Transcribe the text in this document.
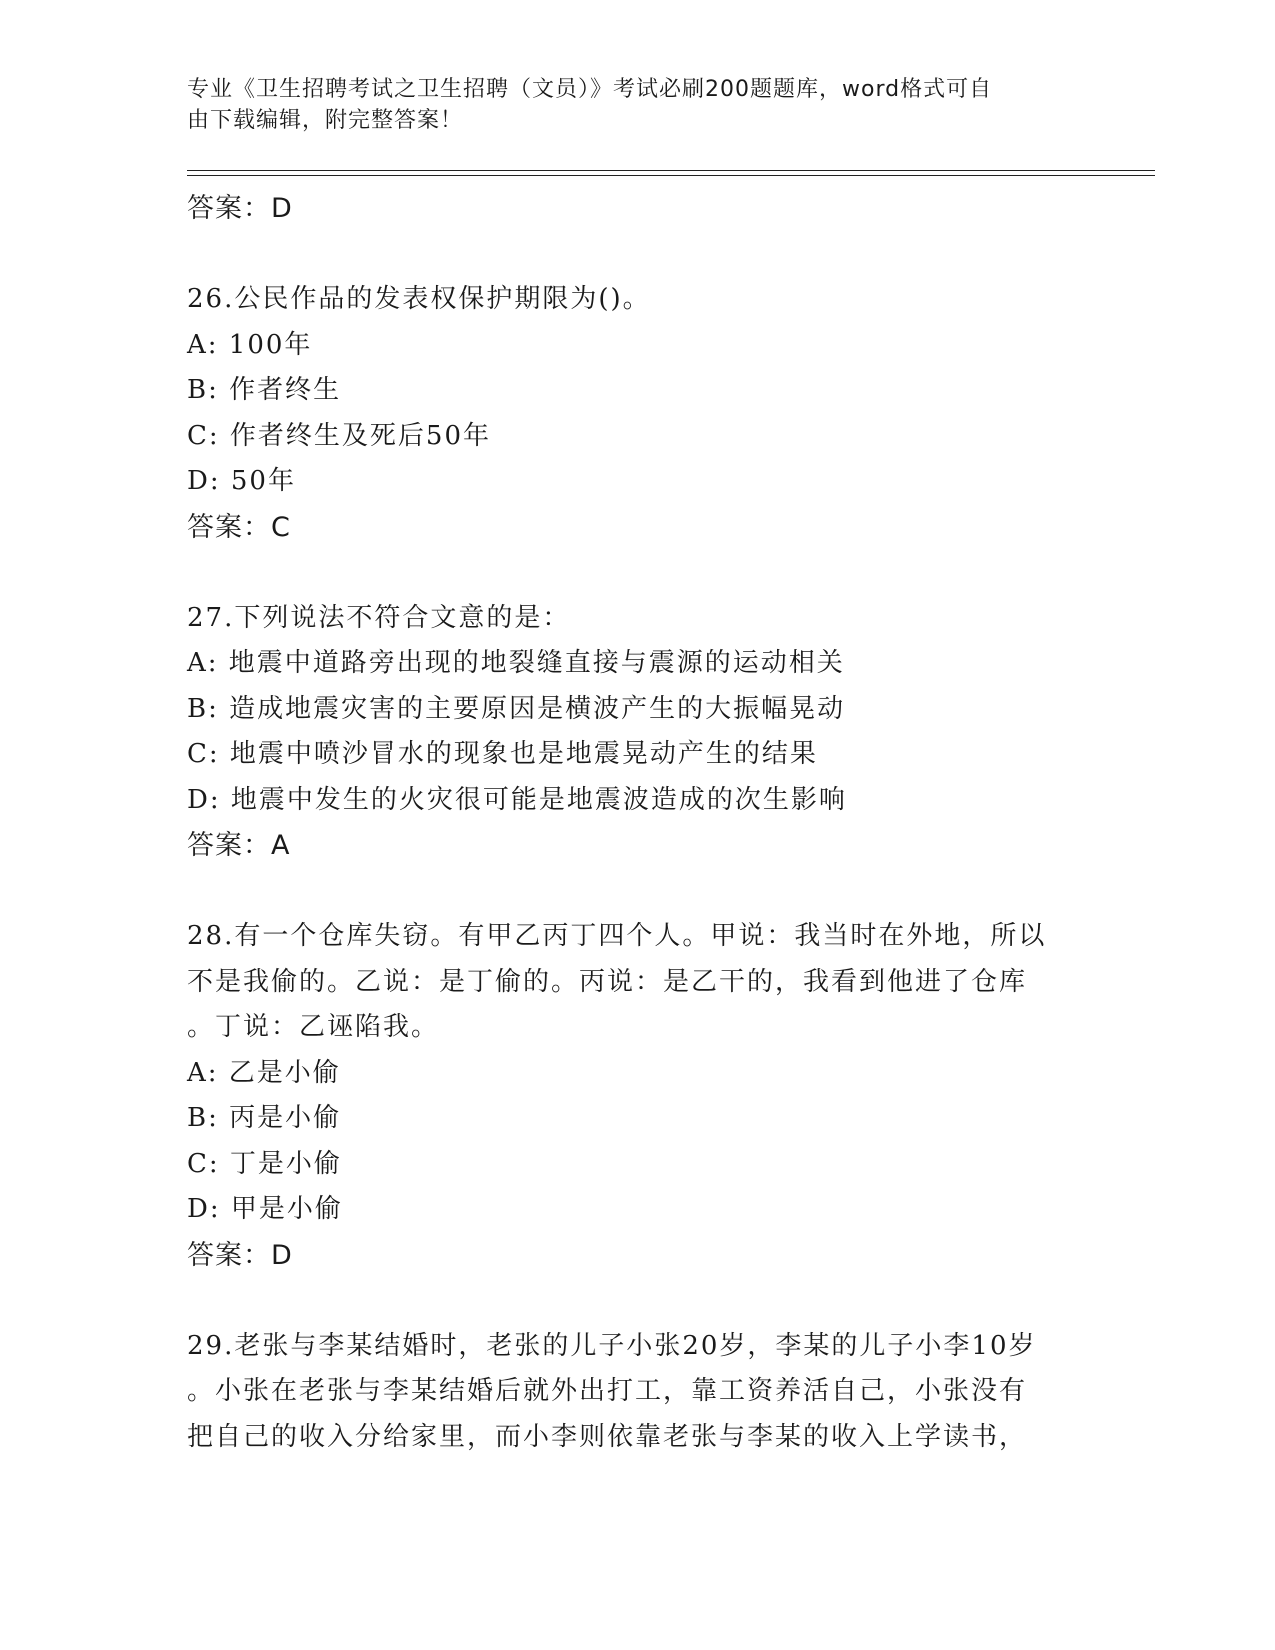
专业《卫生招聘考试之卫生招聘（文员）》考试必刷200题题库，word格式可自
由下载编辑，附完整答案！
答案：D
26.公民作品的发表权保护期限为()。
A: 100年
B: 作者终生
C: 作者终生及死后50年
D: 50年
答案：C
27.下列说法不符合文意的是：
A: 地震中道路旁出现的地裂缝直接与震源的运动相关
B: 造成地震灾害的主要原因是横波产生的大振幅晃动
C: 地震中喷沙冒水的现象也是地震晃动产生的结果
D: 地震中发生的火灾很可能是地震波造成的次生影响
答案：A
28.有一个仓库失窃。有甲乙丙丁四个人。甲说：我当时在外地，所以
不是我偷的。乙说：是丁偷的。丙说：是乙干的，我看到他进了仓库
。丁说：乙诬陷我。
A: 乙是小偷
B: 丙是小偷
C: 丁是小偷
D: 甲是小偷
答案：D
29.老张与李某结婚时，老张的儿子小张20岁，李某的儿子小李10岁
。小张在老张与李某结婚后就外出打工，靠工资养活自己，小张没有
把自己的收入分给家里，而小李则依靠老张与李某的收入上学读书，
